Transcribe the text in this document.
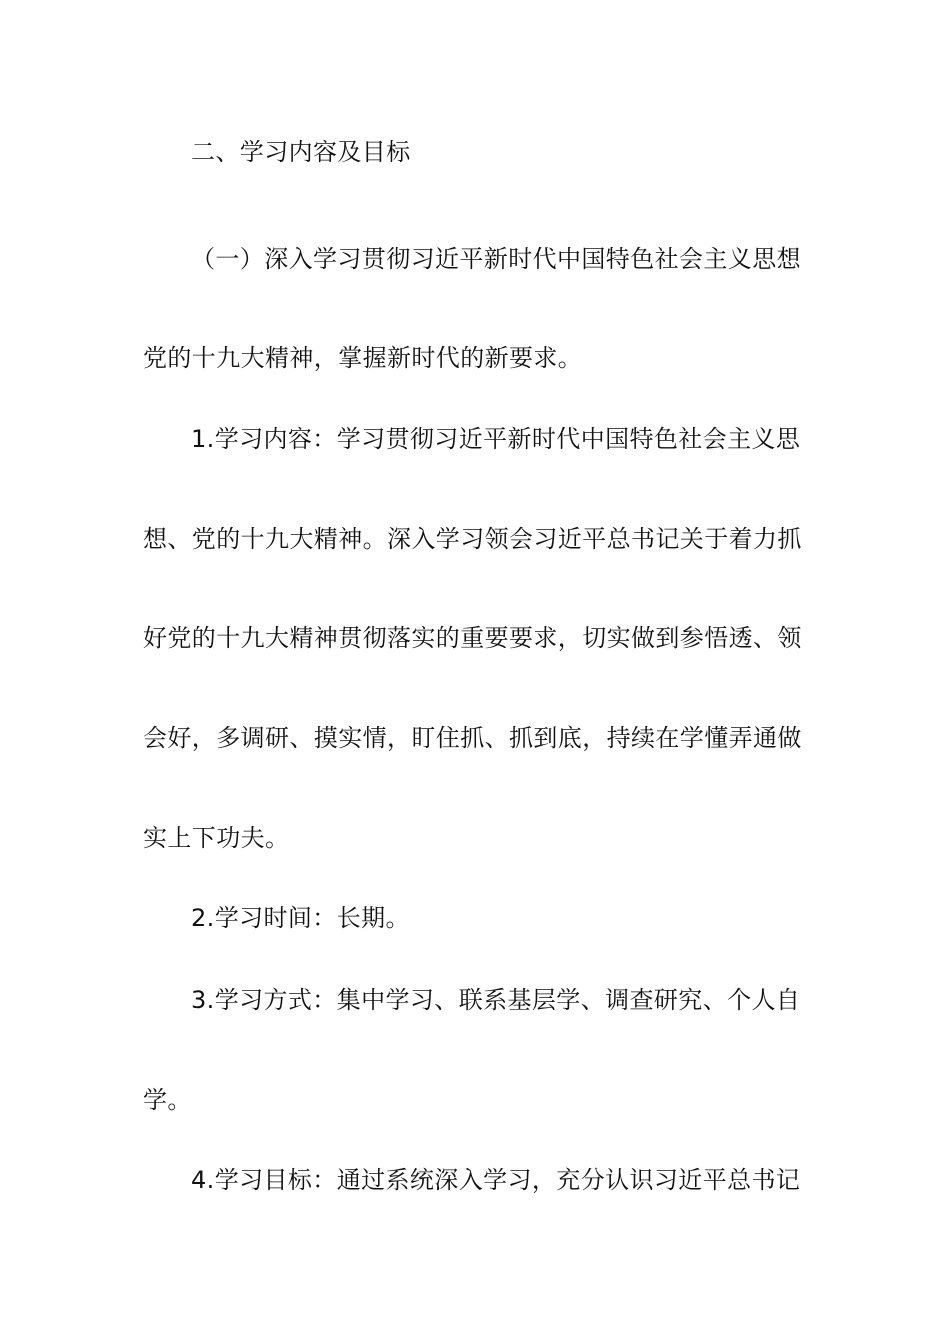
二、学习内容及目标
（一）深入学习贯彻习近平新时代中国特色社会主义思想
党的十九大精神，掌握新时代的新要求。
1.学习内容：学习贯彻习近平新时代中国特色社会主义思
想、党的十九大精神。深入学习领会习近平总书记关于着力抓
好党的十九大精神贯彻落实的重要要求，切实做到参悟透、领
会好，多调研、摸实情，盯住抓、抓到底，持续在学懂弄通做
实上下功夫。
2.学习时间：长期。
3.学习方式：集中学习、联系基层学、调查研究、个人自
学。
4.学习目标：通过系统深入学习，充分认识习近平总书记
